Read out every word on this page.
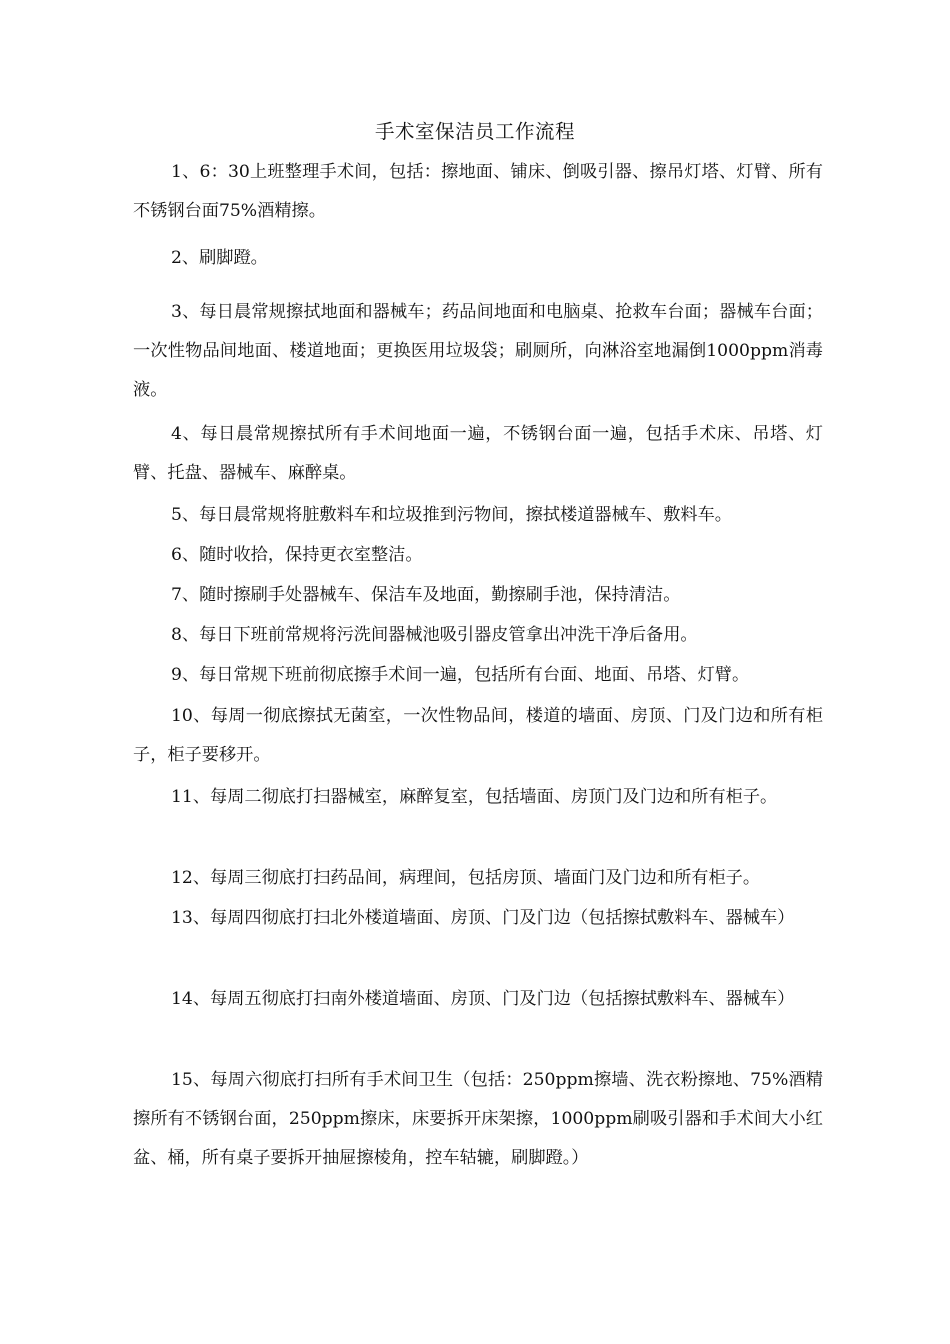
手术室保洁员工作流程

1、6：30上班整理手术间，包括：擦地面、铺床、倒吸引器、擦吊灯塔、灯臂、所有不锈钢台面75%酒精擦。

2、刷脚蹬。

3、每日晨常规擦拭地面和器械车；药品间地面和电脑桌、抢救车台面；器械车台面；一次性物品间地面、楼道地面；更换医用垃圾袋；刷厕所，向淋浴室地漏倒1000ppm消毒液。

4、每日晨常规擦拭所有手术间地面一遍，不锈钢台面一遍，包括手术床、吊塔、灯臂、托盘、器械车、麻醉桌。

5、每日晨常规将脏敷料车和垃圾推到污物间，擦拭楼道器械车、敷料车。

6、随时收拾，保持更衣室整洁。

7、随时擦刷手处器械车、保洁车及地面，勤擦刷手池，保持清洁。

8、每日下班前常规将污洗间器械池吸引器皮管拿出冲洗干净后备用。

9、每日常规下班前彻底擦手术间一遍，包括所有台面、地面、吊塔、灯臂。

10、每周一彻底擦拭无菌室，一次性物品间，楼道的墙面、房顶、门及门边和所有柜子，柜子要移开。

11、每周二彻底打扫器械室，麻醉复室，包括墙面、房顶门及门边和所有柜子。

12、每周三彻底打扫药品间，病理间，包括房顶、墙面门及门边和所有柜子。

13、每周四彻底打扫北外楼道墙面、房顶、门及门边（包括擦拭敷料车、器械车）

14、每周五彻底打扫南外楼道墙面、房顶、门及门边（包括擦拭敷料车、器械车）

15、每周六彻底打扫所有手术间卫生（包括：250ppm擦墙、洗衣粉擦地、75%酒精擦所有不锈钢台面，250ppm擦床，床要拆开床架擦，1000ppm刷吸引器和手术间大小红盆、桶，所有桌子要拆开抽屉擦棱角，控车轱辘，刷脚蹬。）
